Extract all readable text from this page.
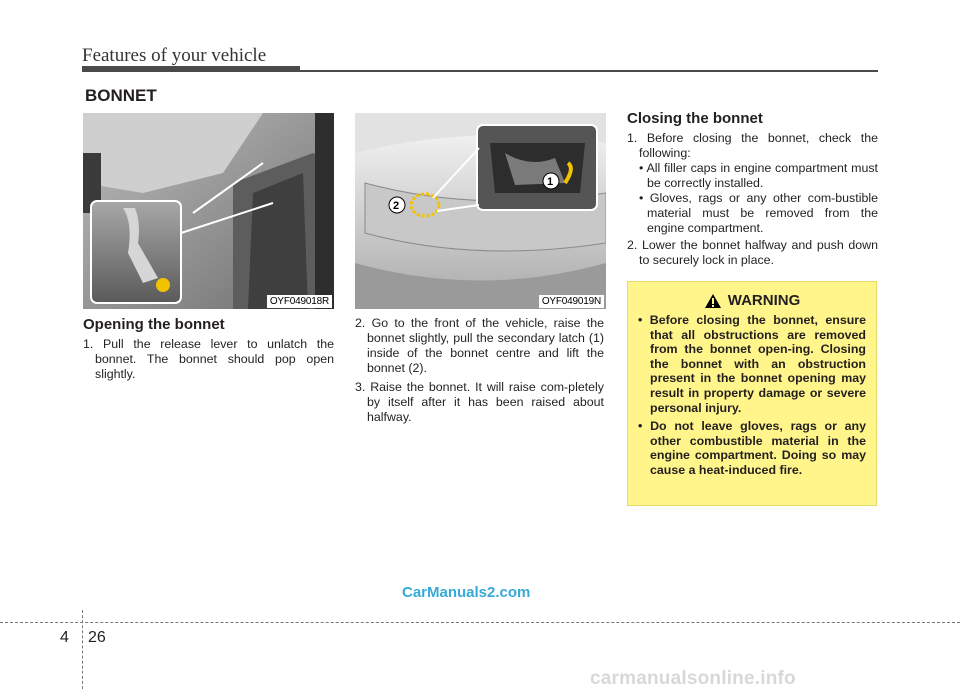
Features of your vehicle
BONNET
OYF049018R
1
2
OYF049019N
Opening the bonnet
1. Pull the release lever to unlatch the bonnet. The bonnet should pop open slightly.
2. Go to the front of the vehicle, raise the bonnet slightly, pull the secondary latch (1) inside of the bonnet centre and lift the bonnet (2).
3. Raise the bonnet. It will raise com-pletely by itself after it has been raised about halfway.
Closing the bonnet
1. Before closing the bonnet, check the following:
• All filler caps in engine compartment must be correctly installed.
• Gloves, rags or any other com-bustible material must be removed from the engine compartment.
2. Lower the bonnet halfway and push down to securely lock in place.
WARNING
• Before closing the bonnet, ensure that all obstructions are removed from the bonnet open-ing. Closing the bonnet with an obstruction present in the bonnet opening may result in property damage or severe personal injury.
• Do not leave gloves, rags or any other combustible material in the engine compartment. Doing so may cause a heat-induced fire.
CarManuals2.com
4 26
carmanualsonline.info
